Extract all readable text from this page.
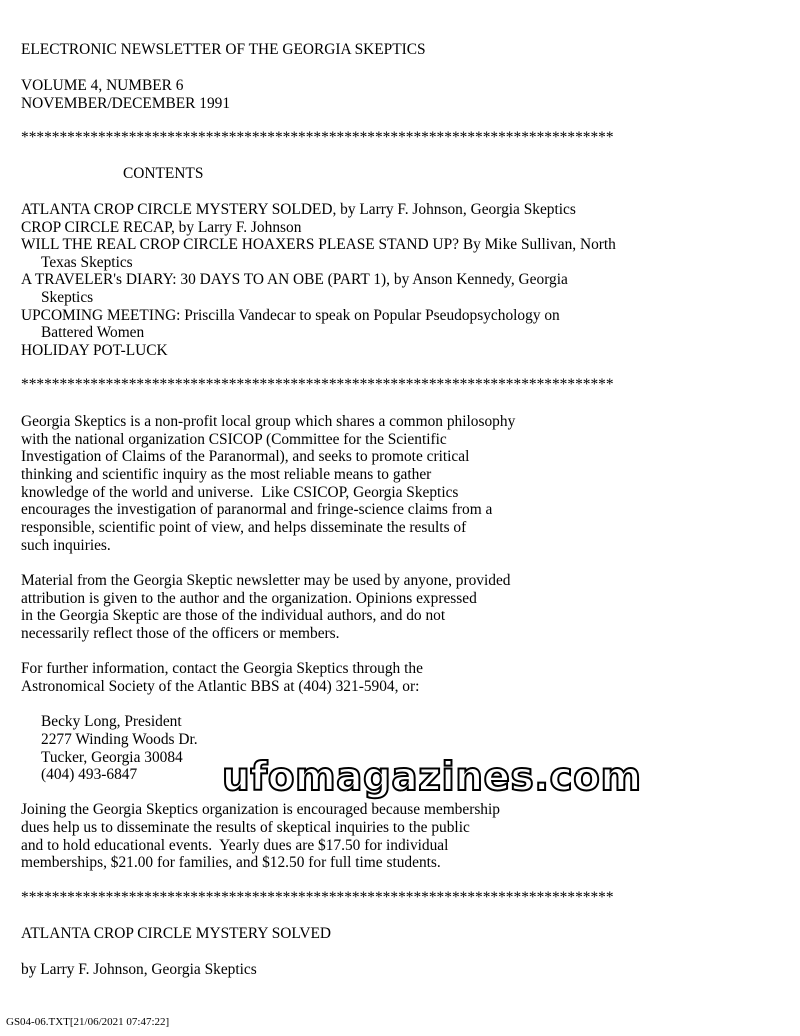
ELECTRONIC NEWSLETTER OF THE GEORGIA SKEPTICS
VOLUME 4, NUMBER 6
NOVEMBER/DECEMBER 1991
*****************************************************************************
CONTENTS
ATLANTA CROP CIRCLE MYSTERY SOLDED, by Larry F. Johnson, Georgia Skeptics
CROP CIRCLE RECAP, by Larry F. Johnson
WILL THE REAL CROP CIRCLE HOAXERS PLEASE STAND UP? By Mike Sullivan, North
Texas Skeptics
A TRAVELER's DIARY: 30 DAYS TO AN OBE (PART 1), by Anson Kennedy, Georgia
Skeptics
UPCOMING MEETING: Priscilla Vandecar to speak on Popular Pseudopsychology on
Battered Women
HOLIDAY POT-LUCK
*****************************************************************************
Georgia Skeptics is a non-profit local group which shares a common philosophy
with the national organization CSICOP (Committee for the Scientific
Investigation of Claims of the Paranormal), and seeks to promote critical
thinking and scientific inquiry as the most reliable means to gather
knowledge of the world and universe.  Like CSICOP, Georgia Skeptics
encourages the investigation of paranormal and fringe-science claims from a
responsible, scientific point of view, and helps disseminate the results of
such inquiries.
Material from the Georgia Skeptic newsletter may be used by anyone, provided
attribution is given to the author and the organization. Opinions expressed
in the Georgia Skeptic are those of the individual authors, and do not
necessarily reflect those of the officers or members.
For further information, contact the Georgia Skeptics through the
Astronomical Society of the Atlantic BBS at (404) 321-5904, or:
Becky Long, President
2277 Winding Woods Dr.
Tucker, Georgia 30084
(404) 493-6847
Joining the Georgia Skeptics organization is encouraged because membership
dues help us to disseminate the results of skeptical inquiries to the public
and to hold educational events.  Yearly dues are $17.50 for individual
memberships, $21.00 for families, and $12.50 for full time students.
*****************************************************************************
ATLANTA CROP CIRCLE MYSTERY SOLVED
by Larry F. Johnson, Georgia Skeptics
ufomagazines.com
GS04-06.TXT[21/06/2021 07:47:22]
